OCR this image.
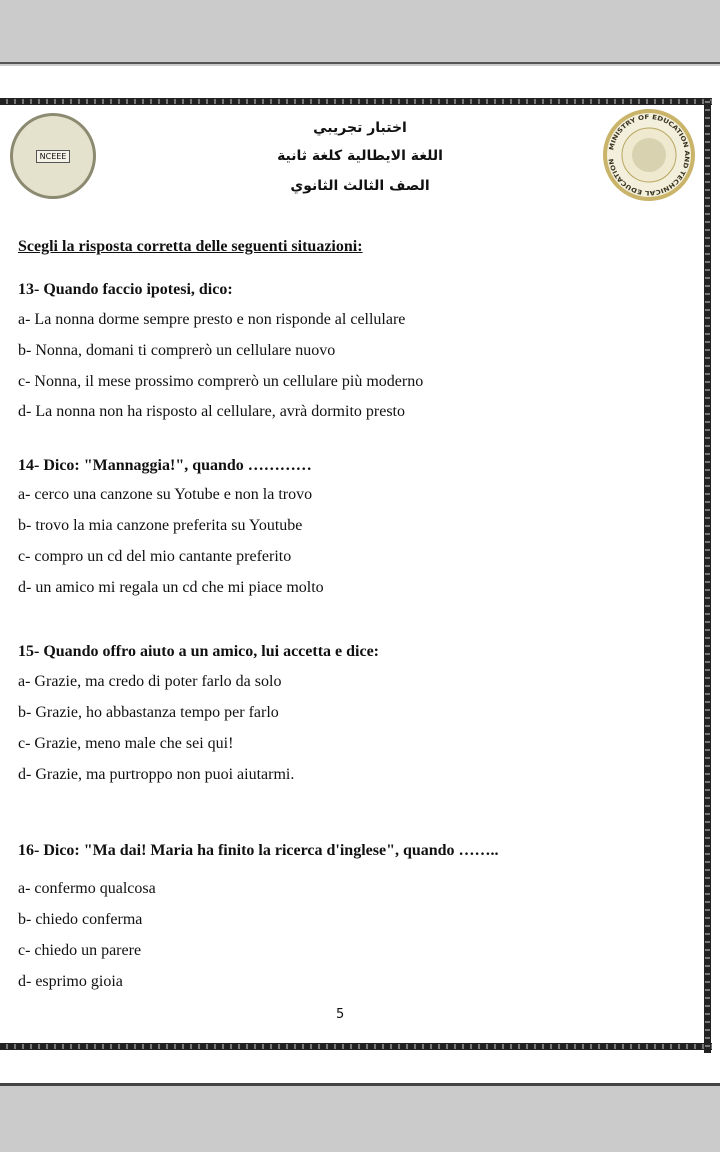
NCEEE
MINISTRY OF EDUCATION AND TECHNICAL EDUCATION
اختبار تجريبي
اللغة الايطالية كلغة ثانية
الصف الثالث الثانوي
Scegli la risposta corretta delle seguenti situazioni:
13- Quando faccio ipotesi, dico:
a- La nonna dorme sempre presto e non risponde al cellulare
b- Nonna, domani ti comprerò un cellulare nuovo
c- Nonna, il mese prossimo comprerò un cellulare più moderno
d- La nonna non ha risposto al cellulare, avrà dormito presto
14- Dico: "Mannaggia!", quando …………
a- cerco una canzone su Yotube e non la trovo
b- trovo la mia canzone preferita su Youtube
c- compro un cd del mio cantante preferito
d- un amico mi regala un cd che mi piace molto
15- Quando offro aiuto a un amico, lui accetta e dice:
a- Grazie, ma credo di poter farlo da solo
b- Grazie, ho abbastanza tempo per farlo
c- Grazie, meno male che sei qui!
d- Grazie, ma purtroppo non puoi aiutarmi.
16- Dico: "Ma dai! Maria ha finito la ricerca d'inglese", quando ……..
a- confermo qualcosa
b- chiedo conferma
c- chiedo un parere
d- esprimo gioia
5
